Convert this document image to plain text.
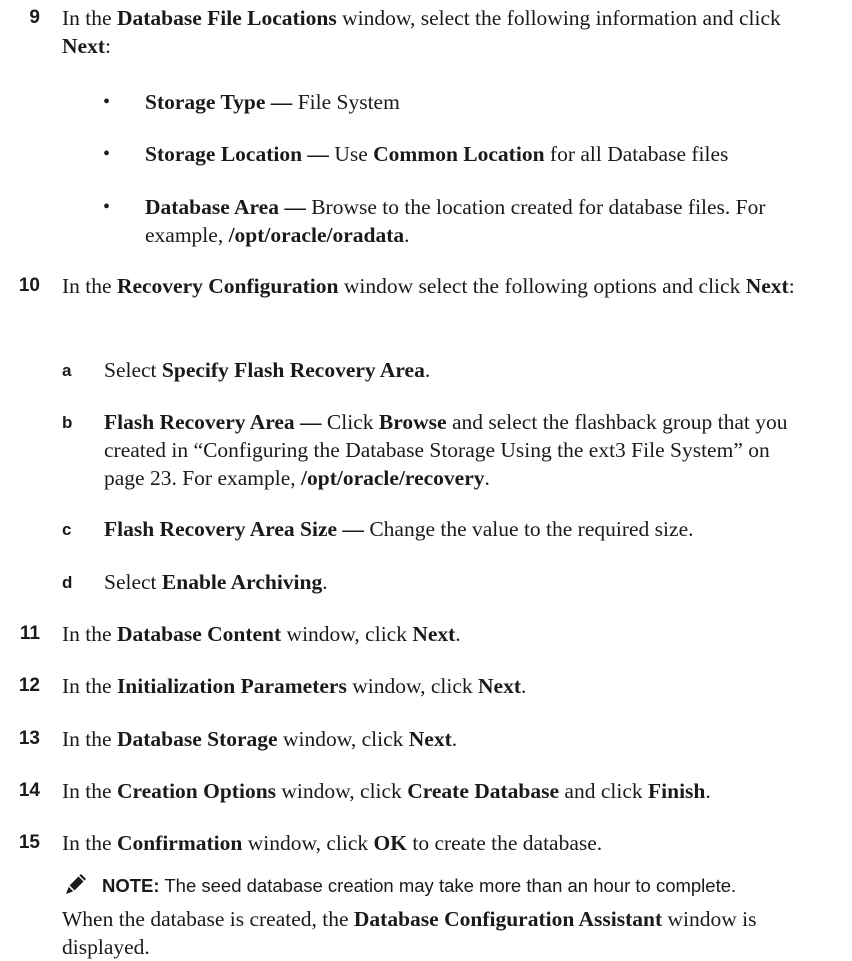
9 In the Database File Locations window, select the following information and click Next:
• Storage Type — File System
• Storage Location — Use Common Location for all Database files
• Database Area — Browse to the location created for database files. For example, /opt/oracle/oradata.
10 In the Recovery Configuration window select the following options and click Next:
a Select Specify Flash Recovery Area.
b Flash Recovery Area — Click Browse and select the flashback group that you created in “Configuring the Database Storage Using the ext3 File System” on page 23. For example, /opt/oracle/recovery.
c Flash Recovery Area Size — Change the value to the required size.
d Select Enable Archiving.
11 In the Database Content window, click Next.
12 In the Initialization Parameters window, click Next.
13 In the Database Storage window, click Next.
14 In the Creation Options window, click Create Database and click Finish.
15 In the Confirmation window, click OK to create the database.
NOTE: The seed database creation may take more than an hour to complete.
When the database is created, the Database Configuration Assistant window is displayed.
